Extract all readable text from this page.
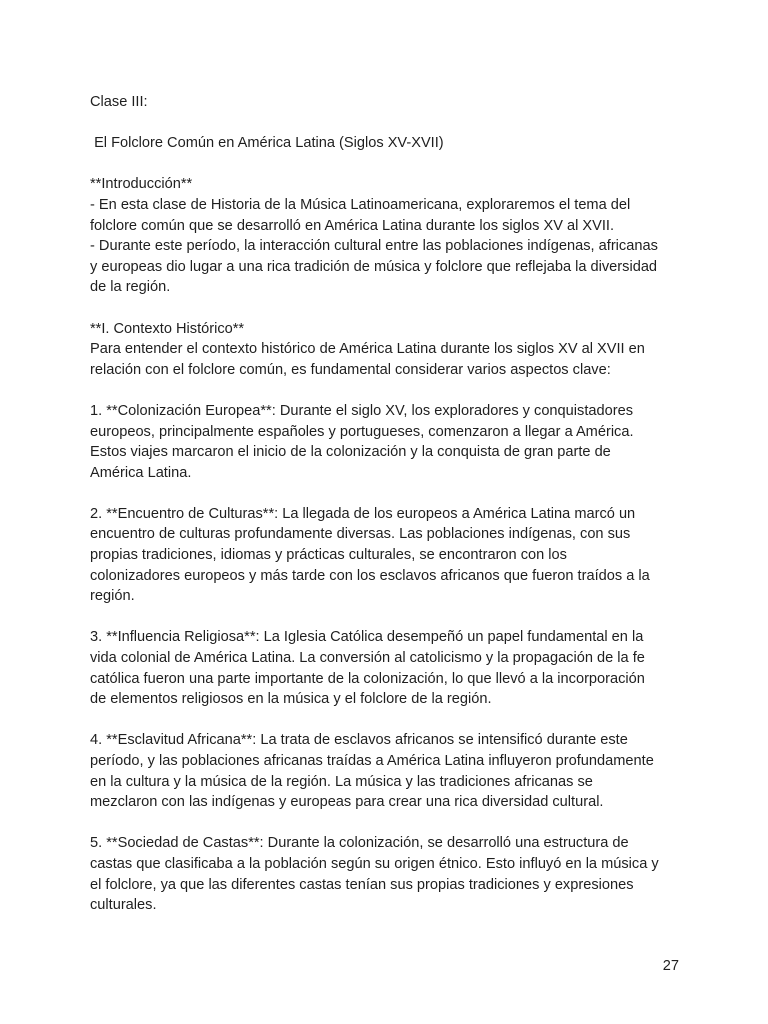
Clase III:

El Folclore Común en América Latina (Siglos XV-XVII)

**Introducción**

- En esta clase de Historia de la Música Latinoamericana, exploraremos el tema del

folclore común que se desarrolló en América Latina durante los siglos XV al XVII.

- Durante este período, la interacción cultural entre las poblaciones indígenas, africanas

y europeas dio lugar a una rica tradición de música y folclore que reflejaba la diversidad

de la región.

**I. Contexto Histórico**

Para entender el contexto histórico de América Latina durante los siglos XV al XVII en

relación con el folclore común, es fundamental considerar varios aspectos clave:

1. **Colonización Europea**: Durante el siglo XV, los exploradores y conquistadores

europeos, principalmente españoles y portugueses, comenzaron a llegar a América.

Estos viajes marcaron el inicio de la colonización y la conquista de gran parte de

América Latina.

2. **Encuentro de Culturas**: La llegada de los europeos a América Latina marcó un

encuentro de culturas profundamente diversas. Las poblaciones indígenas, con sus

propias tradiciones, idiomas y prácticas culturales, se encontraron con los

colonizadores europeos y más tarde con los esclavos africanos que fueron traídos a la

región.

3. **Influencia Religiosa**: La Iglesia Católica desempeñó un papel fundamental en la

vida colonial de América Latina. La conversión al catolicismo y la propagación de la fe

católica fueron una parte importante de la colonización, lo que llevó a la incorporación

de elementos religiosos en la música y el folclore de la región.

4. **Esclavitud Africana**: La trata de esclavos africanos se intensificó durante este

período, y las poblaciones africanas traídas a América Latina influyeron profundamente

en la cultura y la música de la región. La música y las tradiciones africanas se

mezclaron con las indígenas y europeas para crear una rica diversidad cultural.

5. **Sociedad de Castas**: Durante la colonización, se desarrolló una estructura de

castas que clasificaba a la población según su origen étnico. Esto influyó en la música y

el folclore, ya que las diferentes castas tenían sus propias tradiciones y expresiones

culturales.

27
